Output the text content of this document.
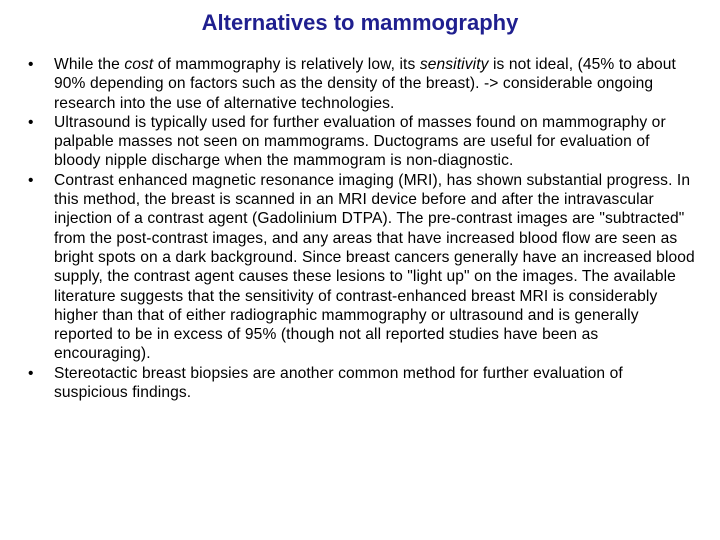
Alternatives to mammography
•	While the cost of mammography is relatively low, its sensitivity is not ideal, (45% to about 90% depending on factors such as the density of the breast). -> considerable ongoing research into the use of alternative technologies.
•	Ultrasound is typically used for further evaluation of masses found on mammography or palpable masses not seen on mammograms. Ductograms are useful for evaluation of bloody nipple discharge when the mammogram is non-diagnostic.
•	Contrast enhanced magnetic resonance imaging (MRI), has shown substantial progress. In this method, the breast is scanned in an MRI device before and after the intravascular injection of a contrast agent (Gadolinium DTPA). The pre-contrast images are "subtracted" from the post-contrast images, and any areas that have increased blood flow are seen as bright spots on a dark background. Since breast cancers generally have an increased blood supply, the contrast agent causes these lesions to "light up" on the images. The available literature suggests that the sensitivity of contrast-enhanced breast MRI is considerably higher than that of either radiographic mammography or ultrasound and is generally reported to be in excess of 95% (though not all reported studies have been as encouraging).
•	Stereotactic breast biopsies are another common method for further evaluation of suspicious findings.
